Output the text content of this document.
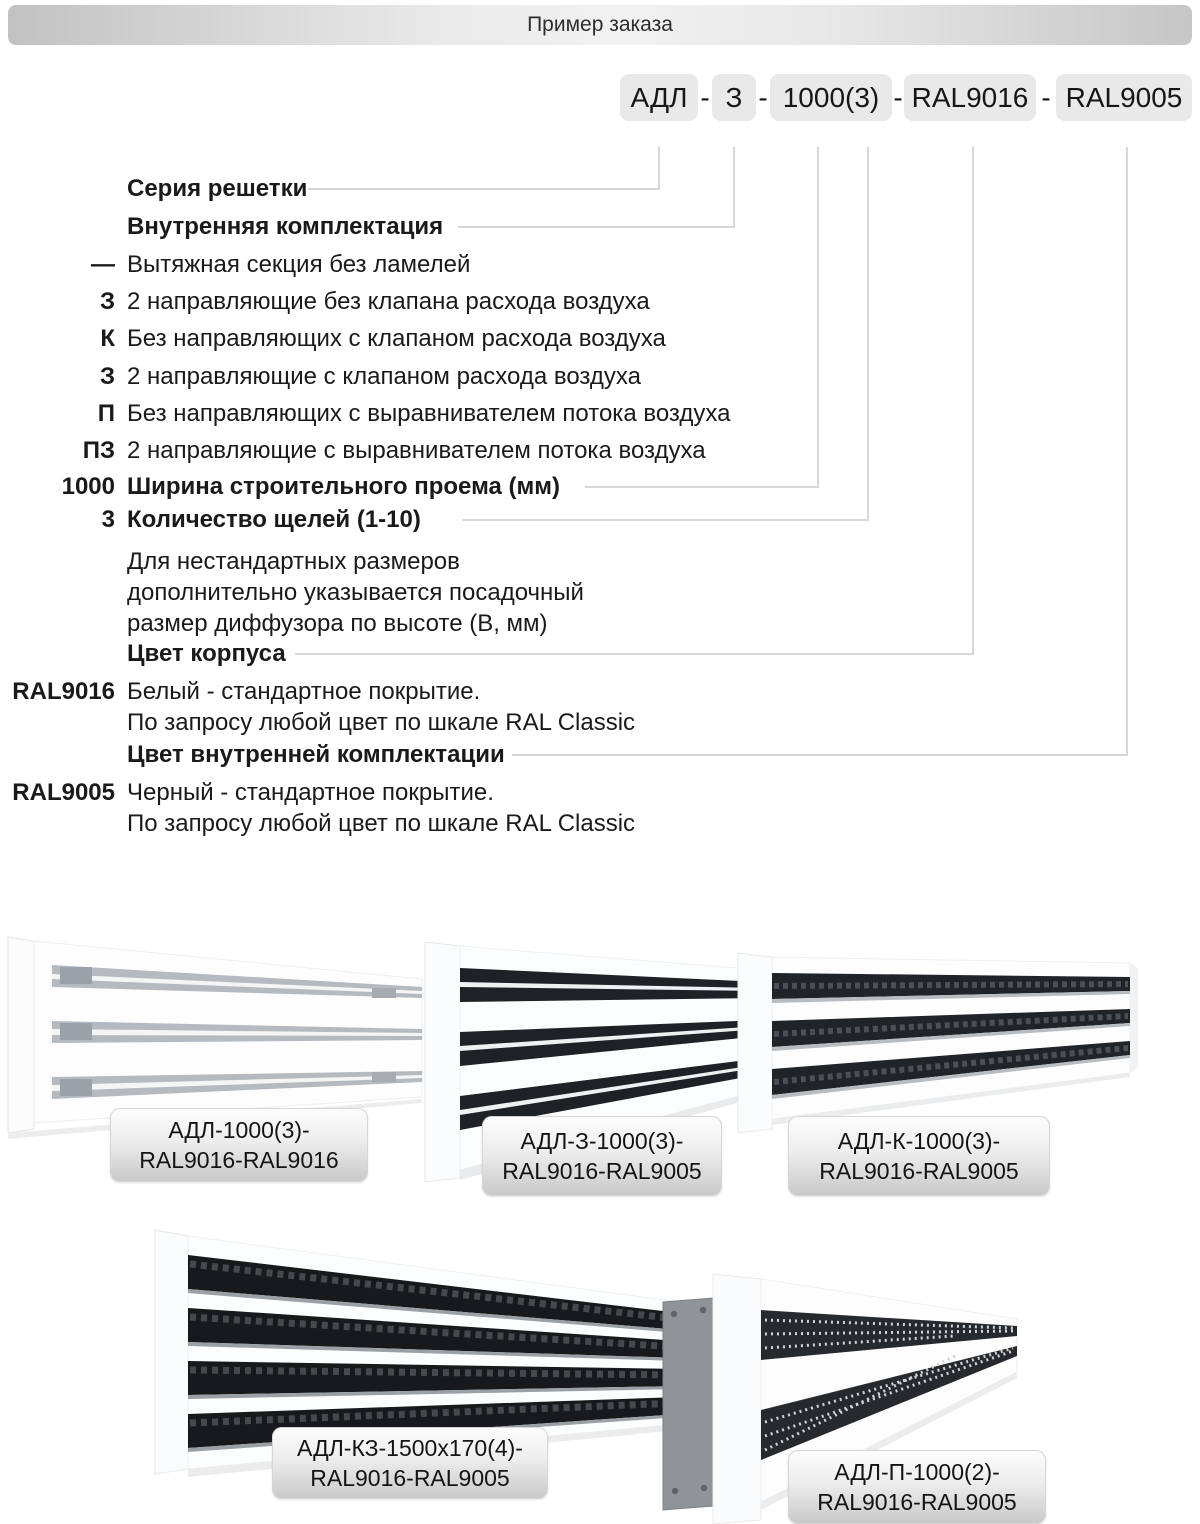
Пример заказа
АДЛ - З - 1000(3) - RAL9016 - RAL9005
Серия решетки
Внутренняя комплектация
— Вытяжная секция без ламелей
З 2 направляющие без клапана расхода воздуха
К Без направляющих с клапаном расхода воздуха
З 2 направляющие с клапаном расхода воздуха
П Без направляющих с выравнивателем потока воздуха
ПЗ 2 направляющие с выравнивателем потока воздуха
1000 Ширина строительного проема (мм)
3 Количество щелей (1-10)
Для нестандартных размеров
дополнительно указывается посадочный
размер диффузора по высоте (В, мм)
Цвет корпуса
RAL9016 Белый - стандартное покрытие.
По запросу любой цвет по шкале RAL Classic
Цвет внутренней комплектации
RAL9005 Черный - стандартное покрытие.
По запросу любой цвет по шкале RAL Classic
АДЛ-1000(3)-
RAL9016-RAL9016
АДЛ-З-1000(3)-
RAL9016-RAL9005
АДЛ-К-1000(3)-
RAL9016-RAL9005
АДЛ-КЗ-1500х170(4)-
RAL9016-RAL9005	АДЛ-П-1000(2)-
RAL9016-RAL9005
